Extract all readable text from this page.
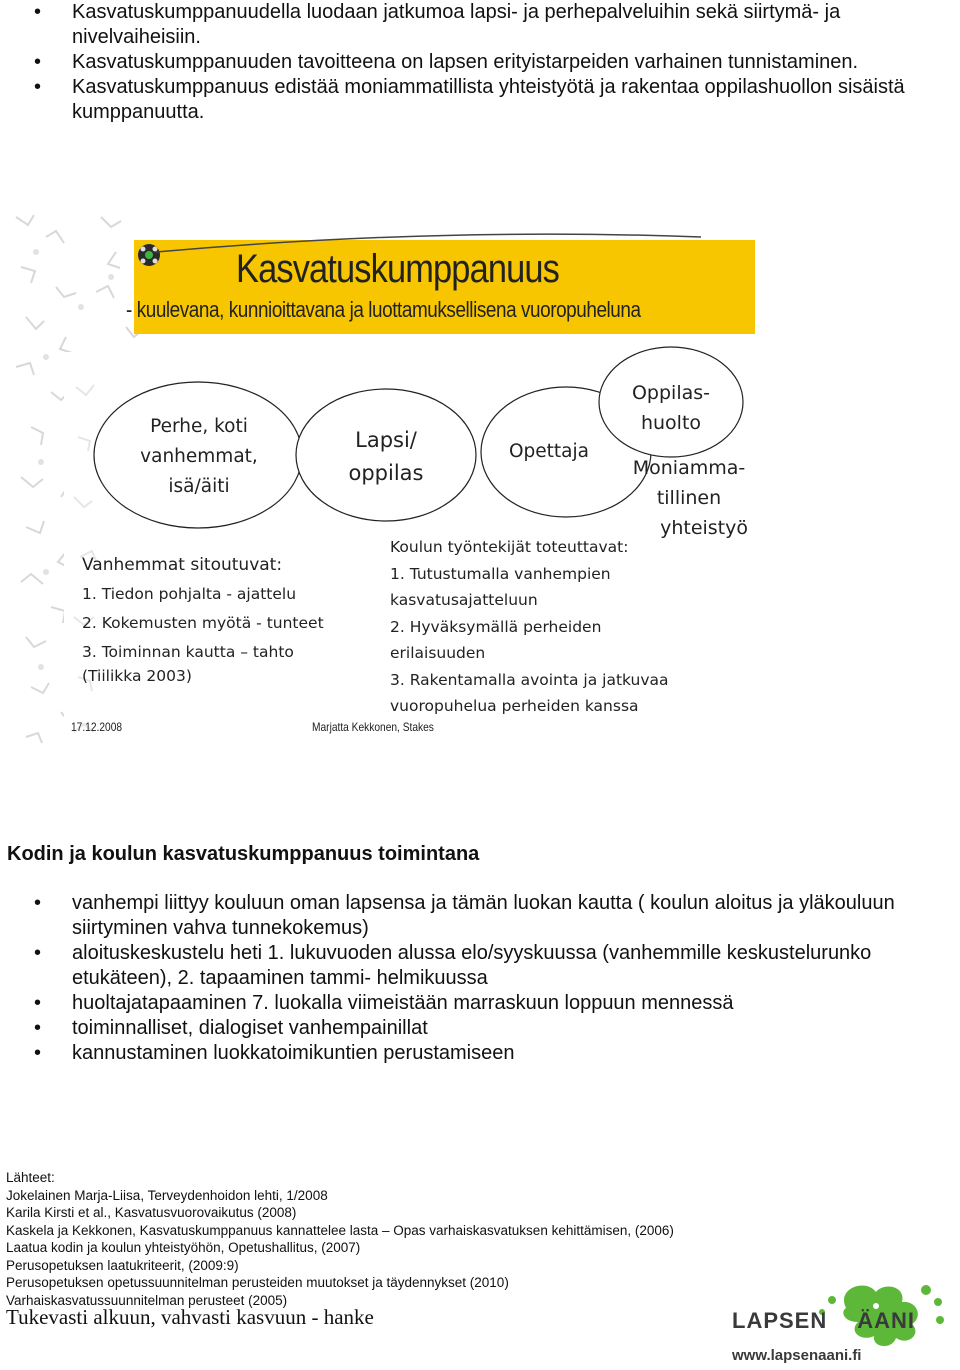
• Kasvatuskumppanuudella luodaan jatkumoa lapsi- ja perhepalveluihin sekä siirtymä- ja nivelvaiheisiin.
• Kasvatuskumppanuuden tavoitteena on lapsen erityistarpeiden varhainen tunnistaminen.
• Kasvatuskumppanuus edistää moniammatillista yhteistyötä ja rakentaa oppilashuollon sisäistä kumppanuutta.
Kasvatuskumppanuus
- kuulevana, kunnioittavana ja luottamuksellisena vuoropuheluna
Perhe, koti
vanhemmat,
isä/äiti
Lapsi/
oppilas
Opettaja
Oppilas-
huolto
Moniamma-
tillinen
yhteistyö
Vanhemmat sitoutuvat:
1. Tiedon pohjalta - ajattelu
2. Kokemusten myötä - tunteet
3. Toiminnan kautta – tahto
(Tiilikka 2003)
Koulun työntekijät toteuttavat:
1. Tutustumalla vanhempien
kasvatusajatteluun
2. Hyväksymällä perheiden
erilaisuuden
3. Rakentamalla avointa ja jatkuvaa
vuoropuhelua perheiden kanssa
17.12.2008	Marjatta Kekkonen, Stakes
Kodin ja koulun kasvatuskumppanuus toimintana
• vanhempi liittyy kouluun oman lapsensa ja tämän luokan kautta ( koulun aloitus ja yläkouluun siirtyminen vahva tunnekokemus)
• aloituskeskustelu heti 1. lukuvuoden alussa elo/syyskuussa (vanhemmille keskustelurunko etukäteen), 2. tapaaminen tammi- helmikuussa
• huoltajatapaaminen 7. luokalla viimeistään marraskuun loppuun mennessä
• toiminnalliset, dialogiset vanhempainillat
• kannustaminen luokkatoimikuntien perustamiseen
Lähteet:
Jokelainen Marja-Liisa, Terveydenhoidon lehti, 1/2008
Karila Kirsti et al., Kasvatusvuorovaikutus (2008)
Kaskela ja Kekkonen, Kasvatuskumppanuus kannattelee lasta – Opas varhaiskasvatuksen kehittämisen, (2006)
Laatua kodin ja koulun yhteistyöhön, Opetushallitus, (2007)
Perusopetuksen laatukriteerit, (2009:9)
Perusopetuksen opetussuunnitelman perusteiden muutokset ja täydennykset (2010)
Varhaiskasvatussuunnitelman perusteet (2005)
Tukevasti alkuun, vahvasti kasvuun - hanke	LAPSEN ÄANI
www.lapsenaani.fi
